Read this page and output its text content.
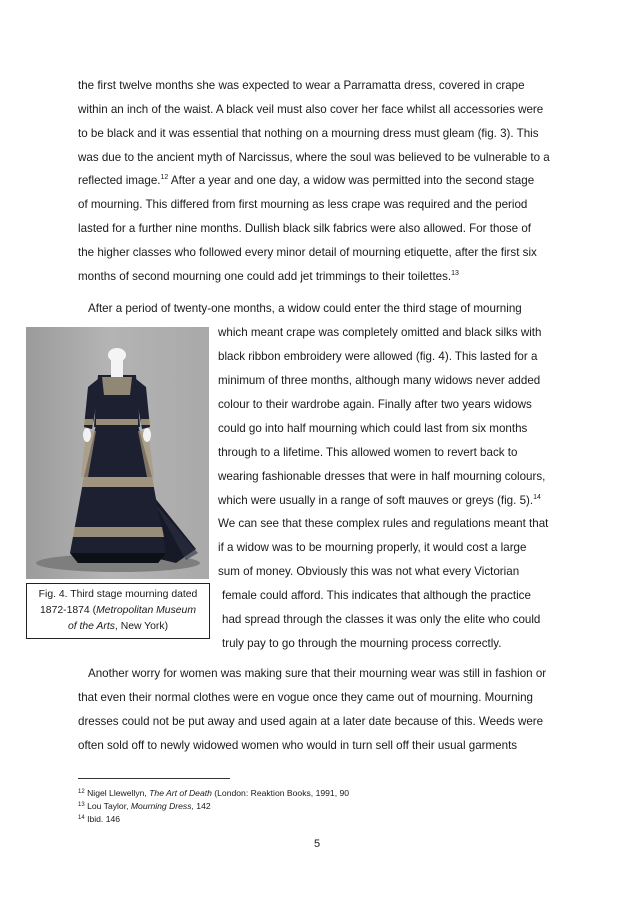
the first twelve months she was expected to wear a Parramatta dress, covered in crape
within an inch of the waist. A black veil must also cover her face whilst all accessories were
to be black and it was essential that nothing on a mourning dress must gleam (fig. 3). This
was due to the ancient myth of Narcissus, where the soul was believed to be vulnerable to a
reflected image.$^{12}$ After a year and one day, a widow was permitted into the second stage
of mourning. This differed from first mourning as less crape was required and the period
lasted for a further nine months. Dullish black silk fabrics were also allowed. For those of
the higher classes who followed every minor detail of mourning etiquette, after the first six
months of second mourning one could add jet trimmings to their toilettes.$^{13}$
After a period of twenty-one months, a widow could enter the third stage of mourning
which meant crape was completely omitted and black silks with
black ribbon embroidery were allowed (fig. 4). This lasted for a
minimum of three months, although many widows never added
colour to their wardrobe again. Finally after two years widows
could go into half mourning which could last from six months
through to a lifetime. This allowed women to revert back to
wearing fashionable dresses that were in half mourning colours,
which were usually in a range of soft mauves or greys (fig. 5).$^{14}$
We can see that these complex rules and regulations meant that
if a widow was to be mourning properly, it would cost a large
sum of money. Obviously this was not what every Victorian
female could afford. This indicates that although the practice
had spread through the classes it was only the elite who could
truly pay to go through the mourning process correctly.
Fig. 4. Third stage mourning dated
1872-1874 (Metropolitan Museum
of the Arts, New York)
Another worry for women was making sure that their mourning wear was still in fashion or
that even their normal clothes were en vogue once they came out of mourning. Mourning
dresses could not be put away and used again at a later date because of this. Weeds were
often sold off to newly widowed women who would in turn sell off their usual garments
$^{12}$ Nigel Llewellyn, The Art of Death (London: Reaktion Books, 1991, 90
$^{13}$ Lou Taylor, Mourning Dress, 142
$^{14}$ Ibid. 146
5
